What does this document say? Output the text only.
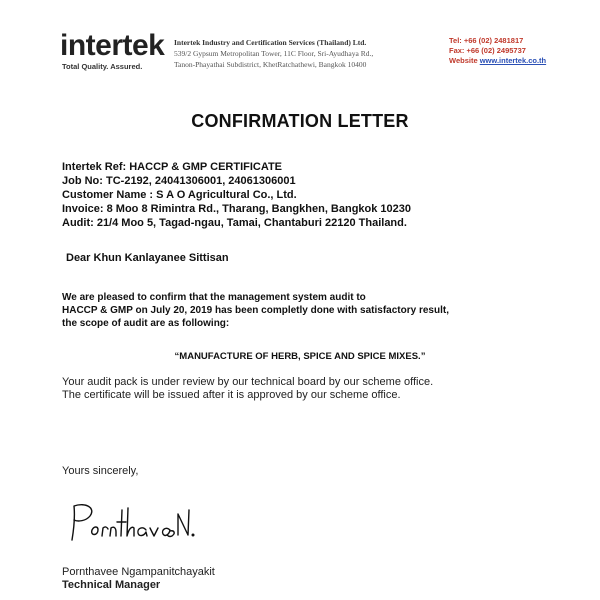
intertek
Total Quality. Assured.
Intertek Industry and Certification Services (Thailand) Ltd.
539/2 Gypsum Metropolitan Tower, 11C Floor, Sri-Ayudhaya Rd.,
Tanon-Phayathai Subdistrict, KhetRatchathewi, Bangkok 10400
Tel: +66 (02) 2481817
Fax: +66 (02) 2495737
Website www.intertek.co.th
CONFIRMATION LETTER
Intertek Ref: HACCP & GMP CERTIFICATE
Job No: TC-2192, 24041306001, 24061306001
Customer Name : S A O Agricultural Co., Ltd.
Invoice: 8 Moo 8 Rimintra Rd., Tharang, Bangkhen, Bangkok 10230
Audit: 21/4 Moo 5, Tagad-ngau, Tamai, Chantaburi 22120 Thailand.
Dear Khun Kanlayanee Sittisan
We are pleased to confirm that the management system audit to
HACCP & GMP on July 20, 2019 has been completly done with satisfactory result,
the scope of audit are as following:
“MANUFACTURE OF HERB, SPICE AND SPICE MIXES.”
Your audit pack is under review by our technical board by our scheme office.
The certificate will be issued after it is approved by our scheme office.
Yours sincerely,
Pornthavee Ngampanitchayakit
Technical Manager
